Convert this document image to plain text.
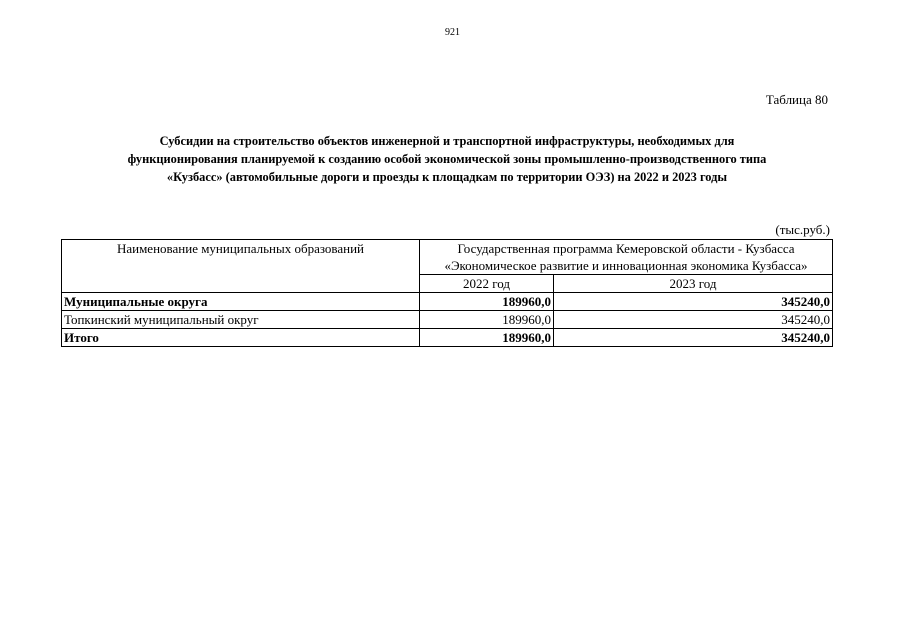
921
Таблица 80
Субсидии на строительство объектов инженерной и транспортной инфраструктуры, необходимых для
функционирования планируемой к созданию особой экономической зоны промышленно-производственного типа
«Кузбасс» (автомобильные дороги и проезды к площадкам по территории ОЭЗ) на 2022 и 2023 годы
(тыс.руб.)
Наименование муниципальных образований	Государственная программа Кемеровской области - Кузбасса
«Экономическое развитие и инновационная экономика Кузбасса»	

	2022 год	2023 год
Муниципальные округа	189960,0	345240,0
Топкинский муниципальный округ	189960,0	345240,0
Итого	189960,0	345240,0
